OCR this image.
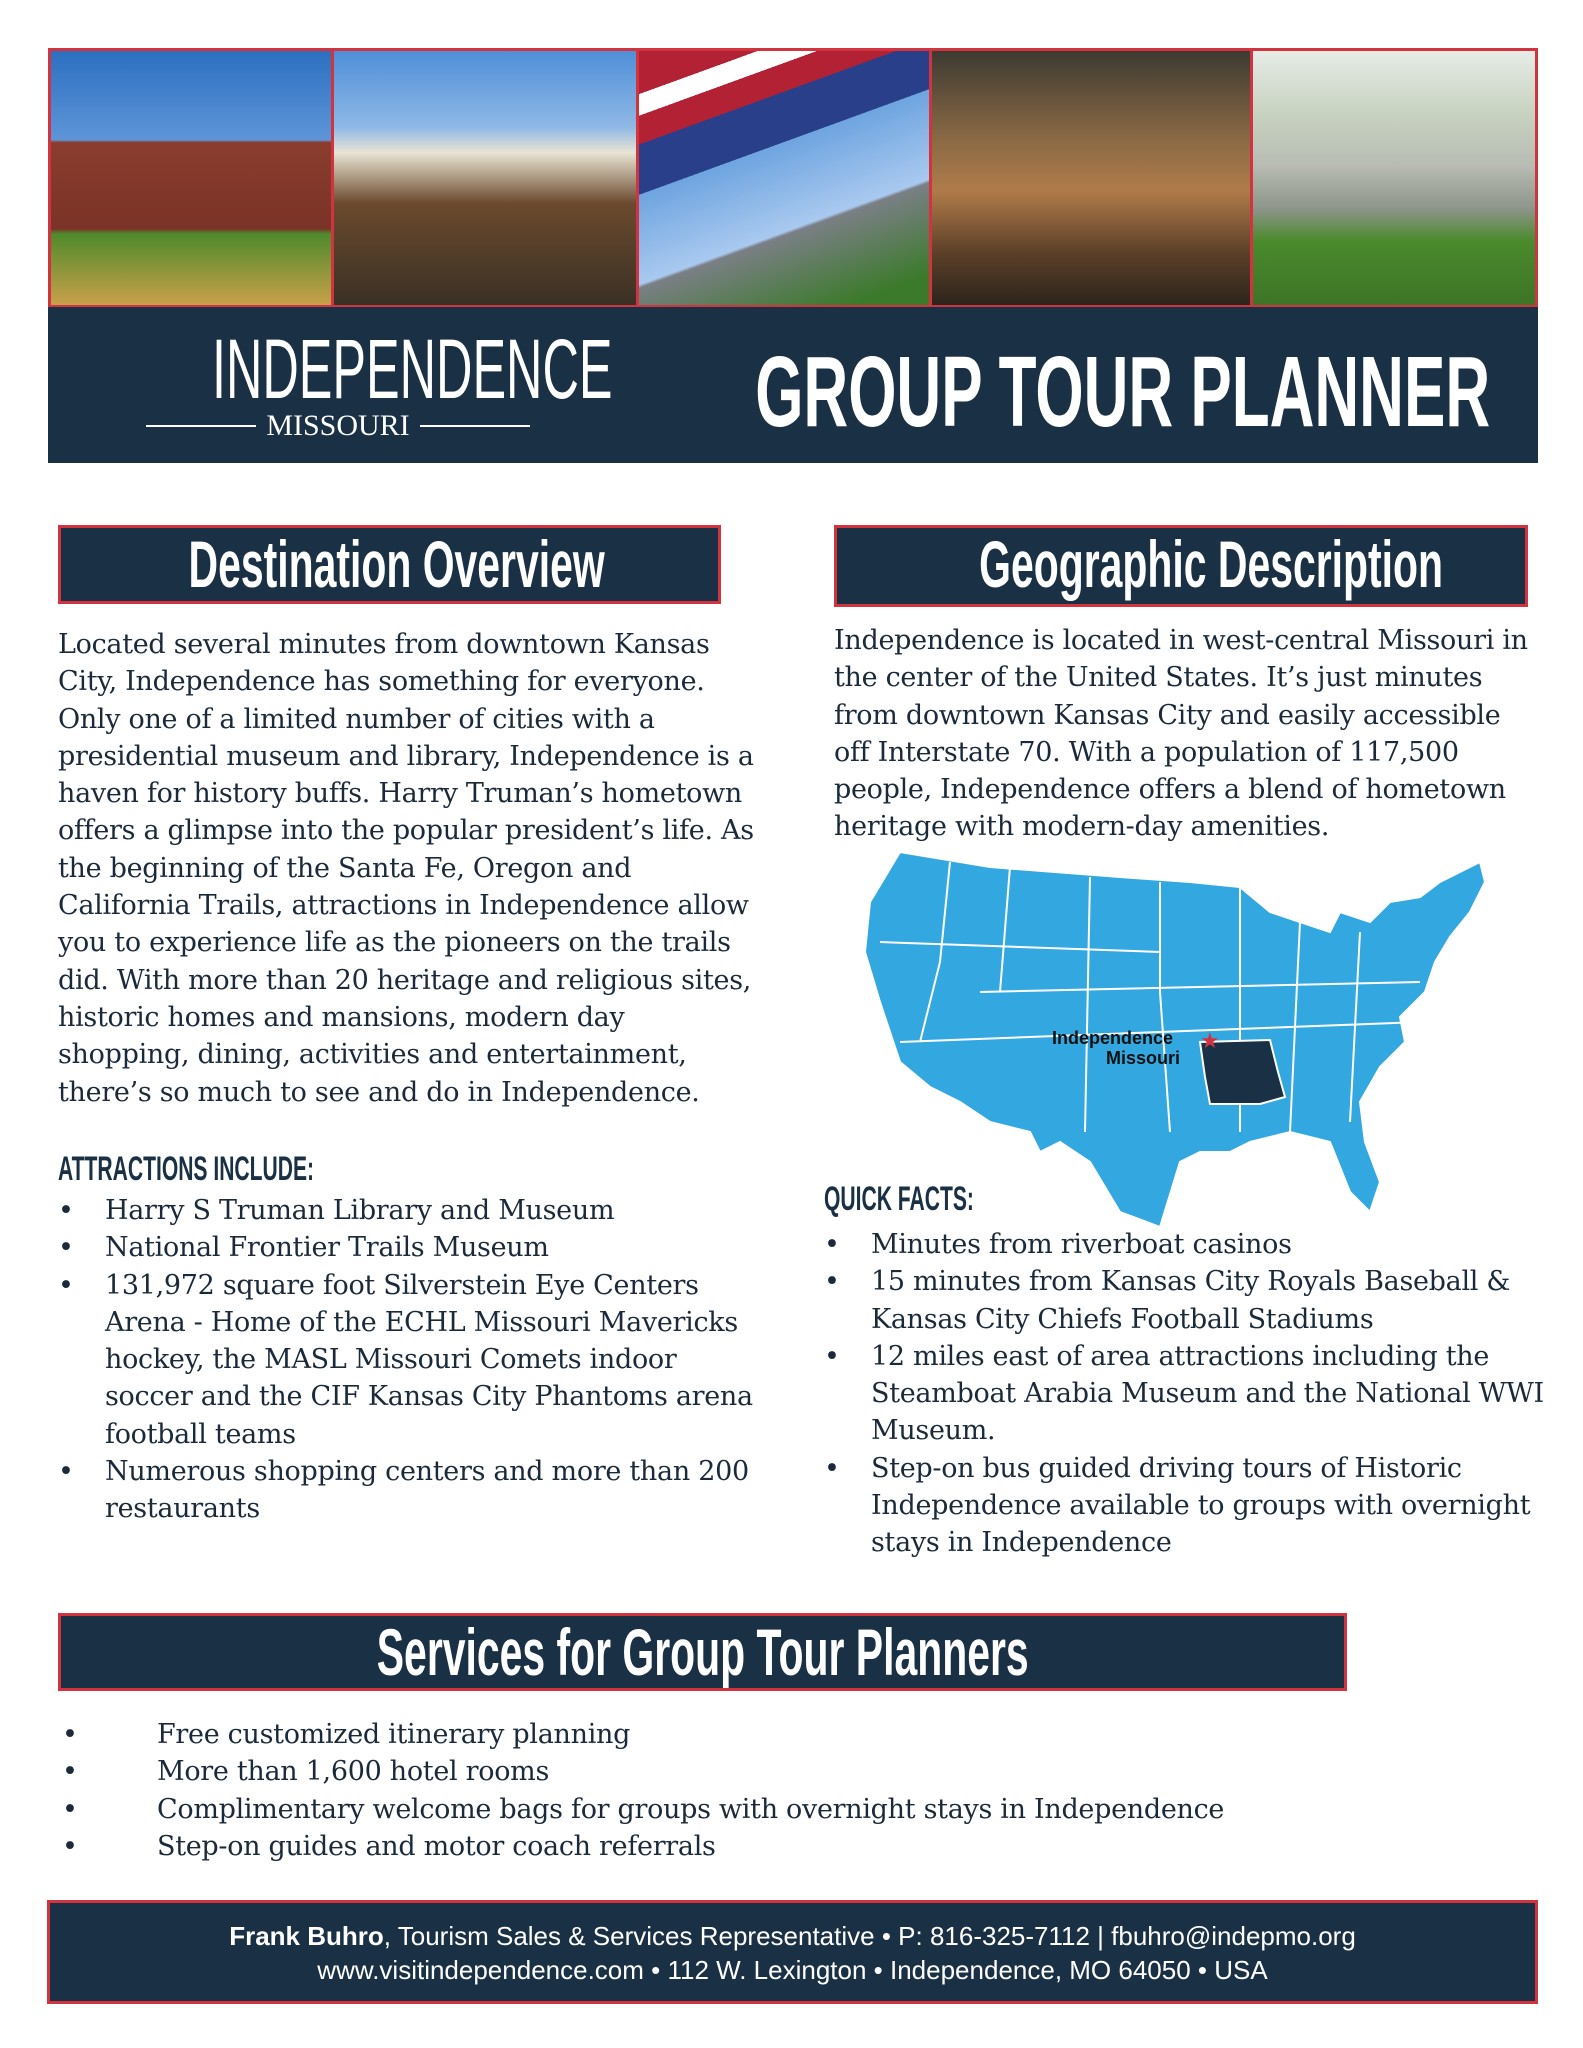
INDEPENDENCE
MISSOURI	GROUP TOUR PLANNER
Destination Overview
Located several minutes from downtown Kansas City, Independence has something for everyone. Only one of a limited number of cities with a presidential museum and library, Independence is a haven for history buffs. Harry Truman’s hometown offers a glimpse into the popular president’s life. As the beginning of the Santa Fe, Oregon and California Trails, attractions in Independence allow you to experience life as the pioneers on the trails did. With more than 20 heritage and religious sites, historic homes and mansions, modern day shopping, dining, activities and entertainment, there’s so much to see and do in Independence.
ATTRACTIONS INCLUDE:
• Harry S Truman Library and Museum
• National Frontier Trails Museum
• 131,972 square foot Silverstein Eye Centers Arena - Home of the ECHL Missouri Mavericks hockey, the MASL Missouri Comets indoor soccer and the CIF Kansas City Phantoms arena football teams
• Numerous shopping centers and more than 200 restaurants
Geographic Description
Independence is located in west-central Missouri in the center of the United States. It’s just minutes from downtown Kansas City and easily accessible off Interstate 70. With a population of 117,500 people, Independence offers a blend of hometown heritage with modern-day amenities.
★
Independence
Missouri
QUICK FACTS:
• Minutes from riverboat casinos
• 15 minutes from Kansas City Royals Baseball & Kansas City Chiefs Football Stadiums
• 12 miles east of area attractions including the Steamboat Arabia Museum and the National WWI Museum.
• Step-on bus guided driving tours of Historic Independence available to groups with overnight stays in Independence
Services for Group Tour Planners
• Free customized itinerary planning
• More than 1,600 hotel rooms
• Complimentary welcome bags for groups with overnight stays in Independence
• Step-on guides and motor coach referrals
Frank Buhro, Tourism Sales & Services Representative • P: 816-325-7112 | fbuhro@indepmo.org
www.visitindependence.com • 112 W. Lexington • Independence, MO 64050 • USA
